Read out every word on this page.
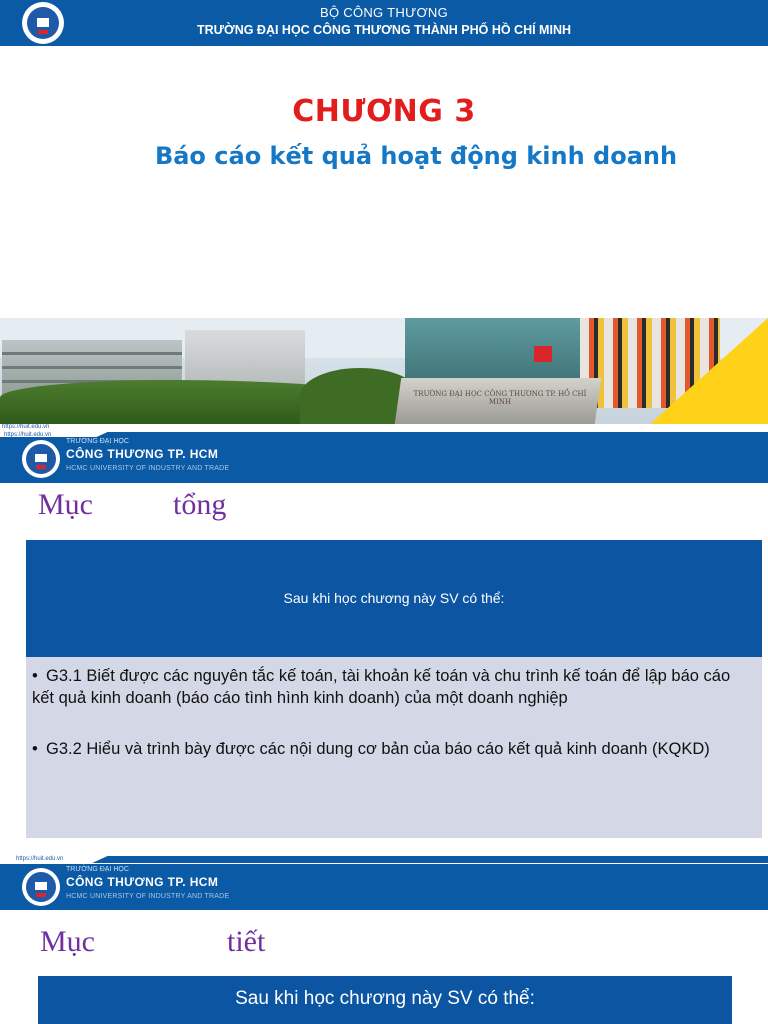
BỘ CÔNG THƯƠNG
TRƯỜNG ĐẠI HỌC CÔNG THƯƠNG THÀNH PHỐ HỒ CHÍ MINH
CHƯƠNG 3
Báo cáo kết quả hoạt động kinh doanh
TRƯỜNG ĐẠI HỌC CÔNG THƯƠNG TP. HỒ CHÍ MINH
https://huit.edu.vn
TRƯỜNG ĐẠI HỌC
CÔNG THƯƠNG TP. HCM
HCMC UNIVERSITY OF INDUSTRY AND TRADE
https://huit.edu.vn
Mục	tổng
Sau khi học chương này SV có thể:
• G3.1 Biết được các nguyên tắc kế toán, tài khoản kế toán và chu trình kế toán để lập báo cáo kết quả kinh doanh (báo cáo tình hình kinh doanh) của một doanh nghiệp
• G3.2 Hiểu và trình bày được các nội dung cơ bản của báo cáo kết quả kinh doanh (KQKD)
TRƯỜNG ĐẠI HỌC
CÔNG THƯƠNG TP. HCM
HCMC UNIVERSITY OF INDUSTRY AND TRADE
https://huit.edu.vn
Mục	tiết
Sau khi học chương này SV có thể:
